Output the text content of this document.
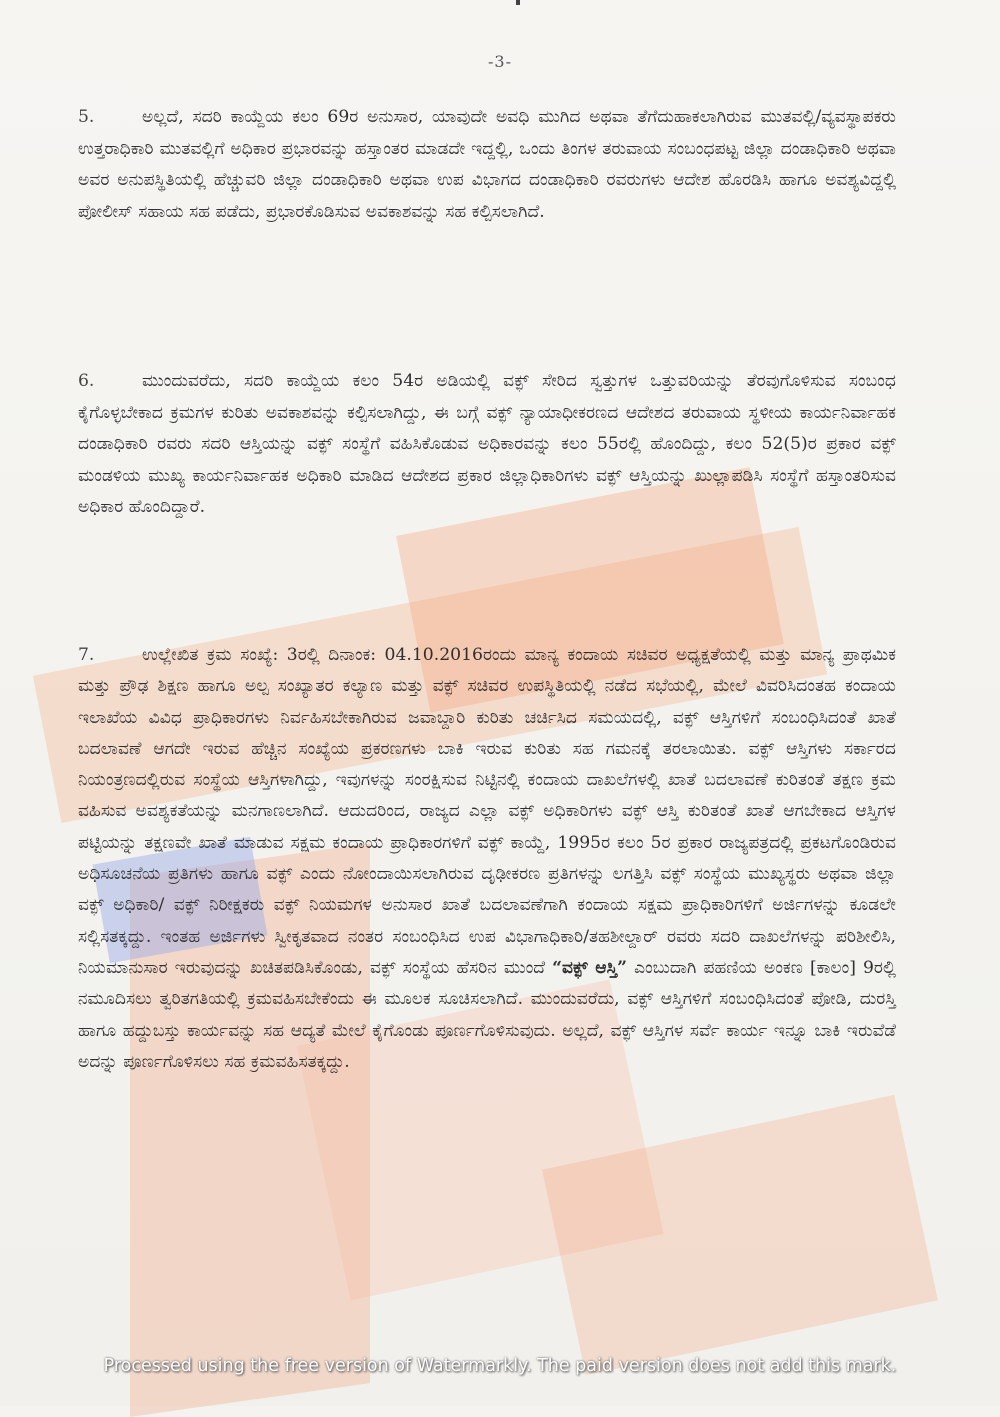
-3-
5.	ಅಲ್ಲದೆ, ಸದರಿ ಕಾಯ್ದೆಯ ಕಲಂ 69ರ ಅನುಸಾರ, ಯಾವುದೇ ಅವಧಿ ಮುಗಿದ ಅಥವಾ ತೆಗೆದುಹಾಕಲಾಗಿರುವ ಮುತವಲ್ಲಿ/ವ್ಯವಸ್ಥಾಪಕರು ಉತ್ತರಾಧಿಕಾರಿ ಮುತವಲ್ಲಿಗೆ ಅಧಿಕಾರ ಪ್ರಭಾರವನ್ನು ಹಸ್ತಾಂತರ ಮಾಡದೇ ಇದ್ದಲ್ಲಿ, ಒಂದು ತಿಂಗಳ ತರುವಾಯ ಸಂಬಂಧಪಟ್ಟ ಜಿಲ್ಲಾ ದಂಡಾಧಿಕಾರಿ ಅಥವಾ ಅವರ ಅನುಪಸ್ಥಿತಿಯಲ್ಲಿ ಹೆಚ್ಚುವರಿ ಜಿಲ್ಲಾ ದಂಡಾಧಿಕಾರಿ ಅಥವಾ ಉಪ ವಿಭಾಗದ ದಂಡಾಧಿಕಾರಿ ರವರುಗಳು ಆದೇಶ ಹೊರಡಿಸಿ ಹಾಗೂ ಅವಶ್ಯವಿದ್ದಲ್ಲಿ ಪೋಲೀಸ್ ಸಹಾಯ ಸಹ ಪಡೆದು, ಪ್ರಭಾರಕೊಡಿಸುವ ಅವಕಾಶವನ್ನು ಸಹ ಕಲ್ಪಿಸಲಾಗಿದೆ.
6.	ಮುಂದುವರೆದು, ಸದರಿ ಕಾಯ್ದೆಯ ಕಲಂ 54ರ ಅಡಿಯಲ್ಲಿ ವಕ್ಫ್ ಸೇರಿದ ಸ್ವತ್ತುಗಳ ಒತ್ತುವರಿಯನ್ನು ತೆರವುಗೊಳಿಸುವ ಸಂಬಂಧ ಕೈಗೊಳ್ಳಬೇಕಾದ ಕ್ರಮಗಳ ಕುರಿತು ಅವಕಾಶವನ್ನು ಕಲ್ಪಿಸಲಾಗಿದ್ದು, ಈ ಬಗ್ಗೆ ವಕ್ಫ್ ನ್ಯಾಯಾಧೀಕರಣದ ಆದೇಶದ ತರುವಾಯ ಸ್ಥಳೀಯ ಕಾರ್ಯನಿರ್ವಾಹಕ ದಂಡಾಧಿಕಾರಿ ರವರು ಸದರಿ ಆಸ್ತಿಯನ್ನು ವಕ್ಫ್ ಸಂಸ್ಥೆಗೆ ವಹಿಸಿಕೊಡುವ ಅಧಿಕಾರವನ್ನು ಕಲಂ 55ರಲ್ಲಿ ಹೊಂದಿದ್ದು, ಕಲಂ 52(5)ರ ಪ್ರಕಾರ ವಕ್ಫ್ ಮಂಡಳಿಯ ಮುಖ್ಯ ಕಾರ್ಯನಿರ್ವಾಹಕ ಅಧಿಕಾರಿ ಮಾಡಿದ ಆದೇಶದ ಪ್ರಕಾರ ಜಿಲ್ಲಾಧಿಕಾರಿಗಳು ವಕ್ಫ್ ಆಸ್ತಿಯನ್ನು ಖುಲ್ಲಾಪಡಿಸಿ ಸಂಸ್ಥೆಗೆ ಹಸ್ತಾಂತರಿಸುವ ಅಧಿಕಾರ ಹೊಂದಿದ್ದಾರೆ.
7.	ಉಲ್ಲೇಖಿತ ಕ್ರಮ ಸಂಖ್ಯೆ: 3ರಲ್ಲಿ ದಿನಾಂಕ: 04.10.2016ರಂದು ಮಾನ್ಯ ಕಂದಾಯ ಸಚಿವರ ಅಧ್ಯಕ್ಷತೆಯಲ್ಲಿ ಮತ್ತು ಮಾನ್ಯ ಪ್ರಾಥಮಿಕ ಮತ್ತು ಪ್ರೌಢ ಶಿಕ್ಷಣ ಹಾಗೂ ಅಲ್ಪ ಸಂಖ್ಯಾತರ ಕಲ್ಯಾಣ ಮತ್ತು ವಕ್ಫ್ ಸಚಿವರ ಉಪಸ್ಥಿತಿಯಲ್ಲಿ ನಡೆದ ಸಭೆಯಲ್ಲಿ, ಮೇಲೆ ವಿವರಿಸಿದಂತಹ ಕಂದಾಯ ಇಲಾಖೆಯ ವಿವಿಧ ಪ್ರಾಧಿಕಾರಗಳು ನಿರ್ವಹಿಸಬೇಕಾಗಿರುವ ಜವಾಬ್ದಾರಿ ಕುರಿತು ಚರ್ಚಿಸಿದ ಸಮಯದಲ್ಲಿ, ವಕ್ಫ್ ಆಸ್ತಿಗಳಿಗೆ ಸಂಬಂಧಿಸಿದಂತೆ ಖಾತೆ ಬದಲಾವಣೆ ಆಗದೇ ಇರುವ ಹೆಚ್ಚಿನ ಸಂಖ್ಯೆಯ ಪ್ರಕರಣಗಳು ಬಾಕಿ ಇರುವ ಕುರಿತು ಸಹ ಗಮನಕ್ಕೆ ತರಲಾಯಿತು. ವಕ್ಫ್ ಆಸ್ತಿಗಳು ಸರ್ಕಾರದ ನಿಯಂತ್ರಣದಲ್ಲಿರುವ ಸಂಸ್ಥೆಯ ಆಸ್ತಿಗಳಾಗಿದ್ದು, ಇವುಗಳನ್ನು ಸಂರಕ್ಷಿಸುವ ನಿಟ್ಟಿನಲ್ಲಿ ಕಂದಾಯ ದಾಖಲೆಗಳಲ್ಲಿ ಖಾತೆ ಬದಲಾವಣೆ ಕುರಿತಂತೆ ತಕ್ಷಣ ಕ್ರಮ ವಹಿಸುವ ಅವಶ್ಯಕತೆಯನ್ನು ಮನಗಾಣಲಾಗಿದೆ. ಆದುದರಿಂದ, ರಾಜ್ಯದ ಎಲ್ಲಾ ವಕ್ಫ್ ಅಧಿಕಾರಿಗಳು ವಕ್ಫ್ ಆಸ್ತಿ ಕುರಿತಂತೆ ಖಾತೆ ಆಗಬೇಕಾದ ಆಸ್ತಿಗಳ ಪಟ್ಟಿಯನ್ನು ತಕ್ಷಣವೇ ಖಾತೆ ಮಾಡುವ ಸಕ್ಷಮ ಕಂದಾಯ ಪ್ರಾಧಿಕಾರಗಳಿಗೆ ವಕ್ಫ್ ಕಾಯ್ದೆ, 1995ರ ಕಲಂ 5ರ ಪ್ರಕಾರ ರಾಜ್ಯಪತ್ರದಲ್ಲಿ ಪ್ರಕಟಗೊಂಡಿರುವ ಅಧಿಸೂಚನೆಯ ಪ್ರತಿಗಳು ಹಾಗೂ ವಕ್ಫ್ ಎಂದು ನೋಂದಾಯಿಸಲಾಗಿರುವ ದೃಢೀಕರಣ ಪ್ರತಿಗಳನ್ನು ಲಗತ್ತಿಸಿ ವಕ್ಫ್ ಸಂಸ್ಥೆಯ ಮುಖ್ಯಸ್ಥರು ಅಥವಾ ಜಿಲ್ಲಾ ವಕ್ಫ್ ಅಧಿಕಾರಿ/ ವಕ್ಫ್ ನಿರೀಕ್ಷಕರು ವಕ್ಫ್ ನಿಯಮಗಳ ಅನುಸಾರ ಖಾತೆ ಬದಲಾವಣೆಗಾಗಿ ಕಂದಾಯ ಸಕ್ಷಮ ಪ್ರಾಧಿಕಾರಿಗಳಿಗೆ ಅರ್ಜಿಗಳನ್ನು ಕೂಡಲೇ ಸಲ್ಲಿಸತಕ್ಕದ್ದು. ಇಂತಹ ಅರ್ಜಿಗಳು ಸ್ವೀಕೃತವಾದ ನಂತರ ಸಂಬಂಧಿಸಿದ ಉಪ ವಿಭಾಗಾಧಿಕಾರಿ/ತಹಶೀಲ್ದಾರ್ ರವರು ಸದರಿ ದಾಖಲೆಗಳನ್ನು ಪರಿಶೀಲಿಸಿ, ನಿಯಮಾನುಸಾರ ಇರುವುದನ್ನು ಖಚಿತಪಡಿಸಿಕೊಂಡು, ವಕ್ಫ್ ಸಂಸ್ಥೆಯ ಹೆಸರಿನ ಮುಂದೆ “ವಕ್ಫ್ ಆಸ್ತಿ” ಎಂಬುದಾಗಿ ಪಹಣಿಯ ಅಂಕಣ [ಕಾಲಂ] 9ರಲ್ಲಿ ನಮೂದಿಸಲು ತ್ವರಿತಗತಿಯಲ್ಲಿ ಕ್ರಮವಹಿಸಬೇಕೆಂದು ಈ ಮೂಲಕ ಸೂಚಿಸಲಾಗಿದೆ. ಮುಂದುವರೆದು, ವಕ್ಫ್ ಆಸ್ತಿಗಳಿಗೆ ಸಂಬಂಧಿಸಿದಂತೆ ಪೋಡಿ, ದುರಸ್ತಿ ಹಾಗೂ ಹದ್ದುಬಸ್ತು ಕಾರ್ಯವನ್ನು ಸಹ ಆದ್ಯತೆ ಮೇಲೆ ಕೈಗೊಂಡು ಪೂರ್ಣಗೊಳಿಸುವುದು. ಅಲ್ಲದೆ, ವಕ್ಫ್ ಆಸ್ತಿಗಳ ಸರ್ವೆ ಕಾರ್ಯ ಇನ್ನೂ ಬಾಕಿ ಇರುವೆಡೆ ಅದನ್ನು ಪೂರ್ಣಗೊಳಿಸಲು ಸಹ ಕ್ರಮವಹಿಸತಕ್ಕದ್ದು.
Processed using the free version of Watermarkly. The paid version does not add this mark.
